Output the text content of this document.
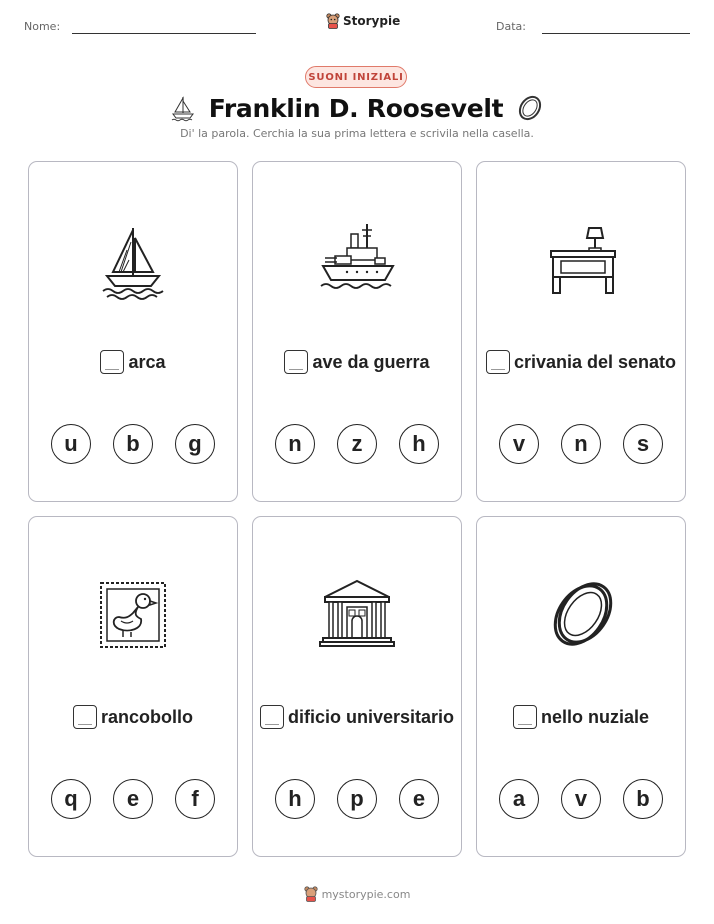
Nome:	Storypie	Data:
SUONI INIZIALI
Franklin D. Roosevelt
Di' la parola. Cerchia la sua prima lettera e scrivila nella casella.
arca
u	b	g
ave da guerra
n	z	h
crivania del senato
v	n	s
rancobollo
q	e	f
dificio universitario
h	p	e
nello nuziale
a	v	b
mystorypie.com
